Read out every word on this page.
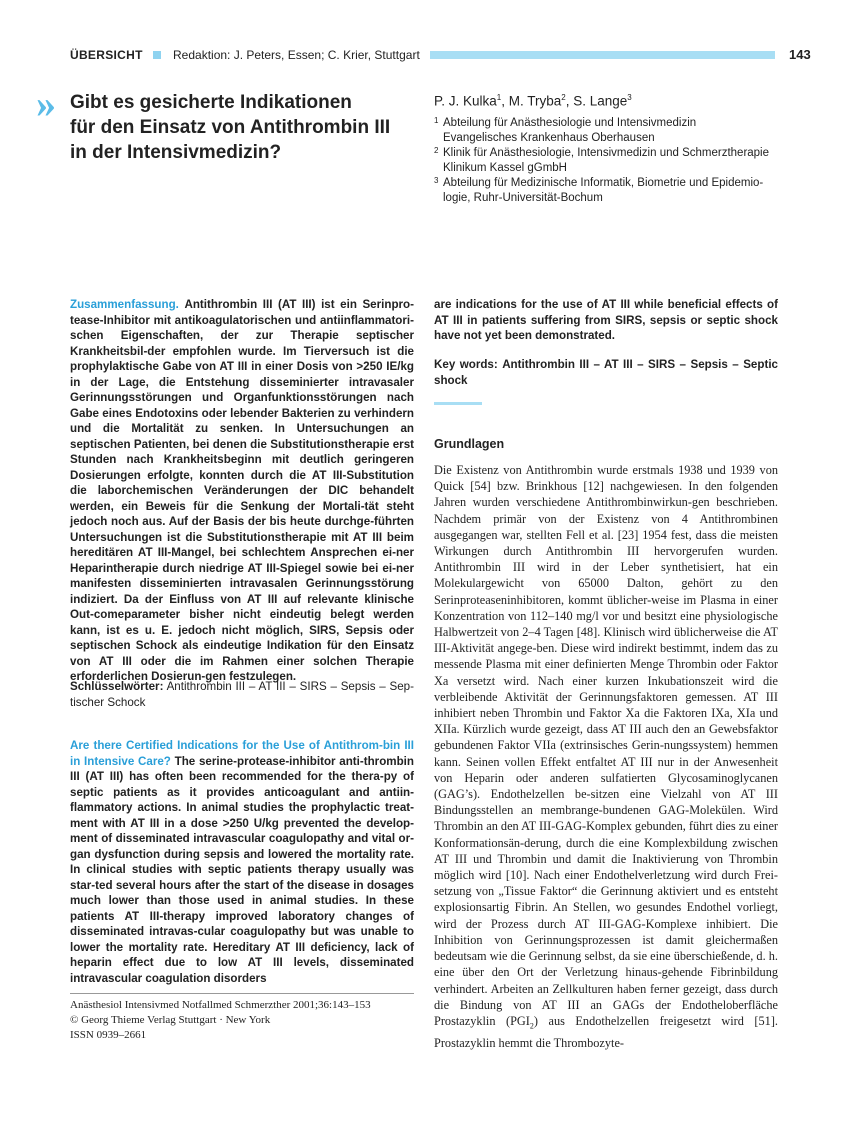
ÜBERSICHT	Redaktion: J. Peters, Essen; C. Krier, Stuttgart	143
» Gibt es gesicherte Indikationen
für den Einsatz von Antithrombin III
in der Intensivmedizin?
P. J. Kulka$^1$, M. Tryba$^2$, S. Lange$^3$
1 Abteilung für Anästhesiologie und Intensivmedizin
Evangelisches Krankenhaus Oberhausen
2 Klinik für Anästhesiologie, Intensivmedizin und Schmerztherapie
Klinikum Kassel gGmbH
3 Abteilung für Medizinische Informatik, Biometrie und Epidemio-
logie, Ruhr-Universität-Bochum
Zusammenfassung. Antithrombin III (AT III) ist ein Serinpro-tease-Inhibitor mit antikoagulatorischen und antiinflammatori-schen Eigenschaften, der zur Therapie septischer Krankheitsbil-der empfohlen wurde. Im Tierversuch ist die prophylaktische Gabe von AT III in einer Dosis von >250 IE/kg in der Lage, die Entstehung disseminierter intravasaler Gerinnungsstörungen und Organfunktionsstörungen nach Gabe eines Endotoxins oder lebender Bakterien zu verhindern und die Mortalität zu senken. In Untersuchungen an septischen Patienten, bei denen die Substitutionstherapie erst Stunden nach Krankheitsbeginn mit deutlich geringeren Dosierungen erfolgte, konnten durch die AT III-Substitution die laborchemischen Veränderungen der DIC behandelt werden, ein Beweis für die Senkung der Mortali-tät steht jedoch noch aus. Auf der Basis der bis heute durchge-führten Untersuchungen ist die Substitutionstherapie mit AT III beim hereditären AT III-Mangel, bei schlechtem Ansprechen ei-ner Heparintherapie durch niedrige AT III-Spiegel sowie bei ei-ner manifesten disseminierten intravasalen Gerinnungsstörung indiziert. Da der Einfluss von AT III auf relevante klinische Out-comeparameter bisher nicht eindeutig belegt werden kann, ist es u. E. jedoch nicht möglich, SIRS, Sepsis oder septischen Schock als eindeutige Indikation für den Einsatz von AT III oder die im Rahmen einer solchen Therapie erforderlichen Dosierun-gen festzulegen.
Schlüsselwörter: Antithrombin III – AT III – SIRS – Sepsis – Sep-tischer Schock
Are there Certified Indications for the Use of Antithrom-bin III in Intensive Care? The serine-protease-inhibitor anti-thrombin III (AT III) has often been recommended for the thera-py of septic patients as it provides anticoagulant and antiin-flammatory actions. In animal studies the prophylactic treat-ment with AT III in a dose >250 U/kg prevented the develop-ment of disseminated intravascular coagulopathy and vital or-gan dysfunction during sepsis and lowered the mortality rate. In clinical studies with septic patients therapy usually was star-ted several hours after the start of the disease in dosages much lower than those used in animal studies. In these patients AT III-therapy improved laboratory changes of disseminated intravas-cular coagulopathy but was unable to lower the mortality rate. Hereditary AT III deficiency, lack of heparin effect due to low AT III levels, disseminated intravascular coagulation disorders
Anästhesiol Intensivmed Notfallmed Schmerzther 2001;36:143–153
© Georg Thieme Verlag Stuttgart · New York
ISSN 0939–2661
are indications for the use of AT III while beneficial effects of AT III in patients suffering from SIRS, sepsis or septic shock have not yet been demonstrated.
Key words: Antithrombin III – AT III – SIRS – Sepsis – Septic shock
Grundlagen
Die Existenz von Antithrombin wurde erstmals 1938 und 1939 von Quick [54] bzw. Brinkhous [12] nachgewiesen. In den folgenden Jahren wurden verschiedene Antithrombinwirkun-gen beschrieben. Nachdem primär von der Existenz von 4 Antithrombinen ausgegangen war, stellten Fell et al. [23] 1954 fest, dass die meisten Wirkungen durch Antithrombin III hervorgerufen wurden. Antithrombin III wird in der Leber synthetisiert, hat ein Molekulargewicht von 65000 Dalton, gehört zu den Serinproteaseninhibitoren, kommt üblicher-weise im Plasma in einer Konzentration von 112–140 mg/l vor und besitzt eine physiologische Halbwertzeit von 2–4 Tagen [48]. Klinisch wird üblicherweise die AT III-Aktivität angege-ben. Diese wird indirekt bestimmt, indem das zu messende Plasma mit einer definierten Menge Thrombin oder Faktor Xa versetzt wird. Nach einer kurzen Inkubationszeit wird die verbleibende Aktivität der Gerinnungsfaktoren gemessen. AT III inhibiert neben Thrombin und Faktor Xa die Faktoren IXa, XIa und XIIa. Kürzlich wurde gezeigt, dass AT III auch den an Gewebsfaktor gebundenen Faktor VIIa (extrinsisches Gerin-nungssystem) hemmen kann. Seinen vollen Effekt entfaltet AT III nur in der Anwesenheit von Heparin oder anderen sulfatierten Glycosaminoglycanen (GAG’s). Endothelzellen be-sitzen eine Vielzahl von AT III Bindungsstellen an membrange-bundenen GAG-Molekülen. Wird Thrombin an den AT III-GAG-Komplex gebunden, führt dies zu einer Konformationsän-derung, durch die eine Komplexbildung zwischen AT III und Thrombin und damit die Inaktivierung von Thrombin möglich wird [10]. Nach einer Endothelverletzung wird durch Frei-setzung von „Tissue Faktor“ die Gerinnung aktiviert und es entsteht explosionsartig Fibrin. An Stellen, wo gesundes Endothel vorliegt, wird der Prozess durch AT III-GAG-Komplexe inhibiert. Die Inhibition von Gerinnungsprozessen ist damit gleichermaßen bedeutsam wie die Gerinnung selbst, da sie eine überschießende, d. h. eine über den Ort der Verletzung hinaus-gehende Fibrinbildung verhindert. Arbeiten an Zellkulturen haben ferner gezeigt, dass durch die Bindung von AT III an GAGs der Endotheloberfläche Prostazyklin $(PGI_2)$ aus Endothelzellen freigesetzt wird [51]. Prostazyklin hemmt die Thrombozyte-
